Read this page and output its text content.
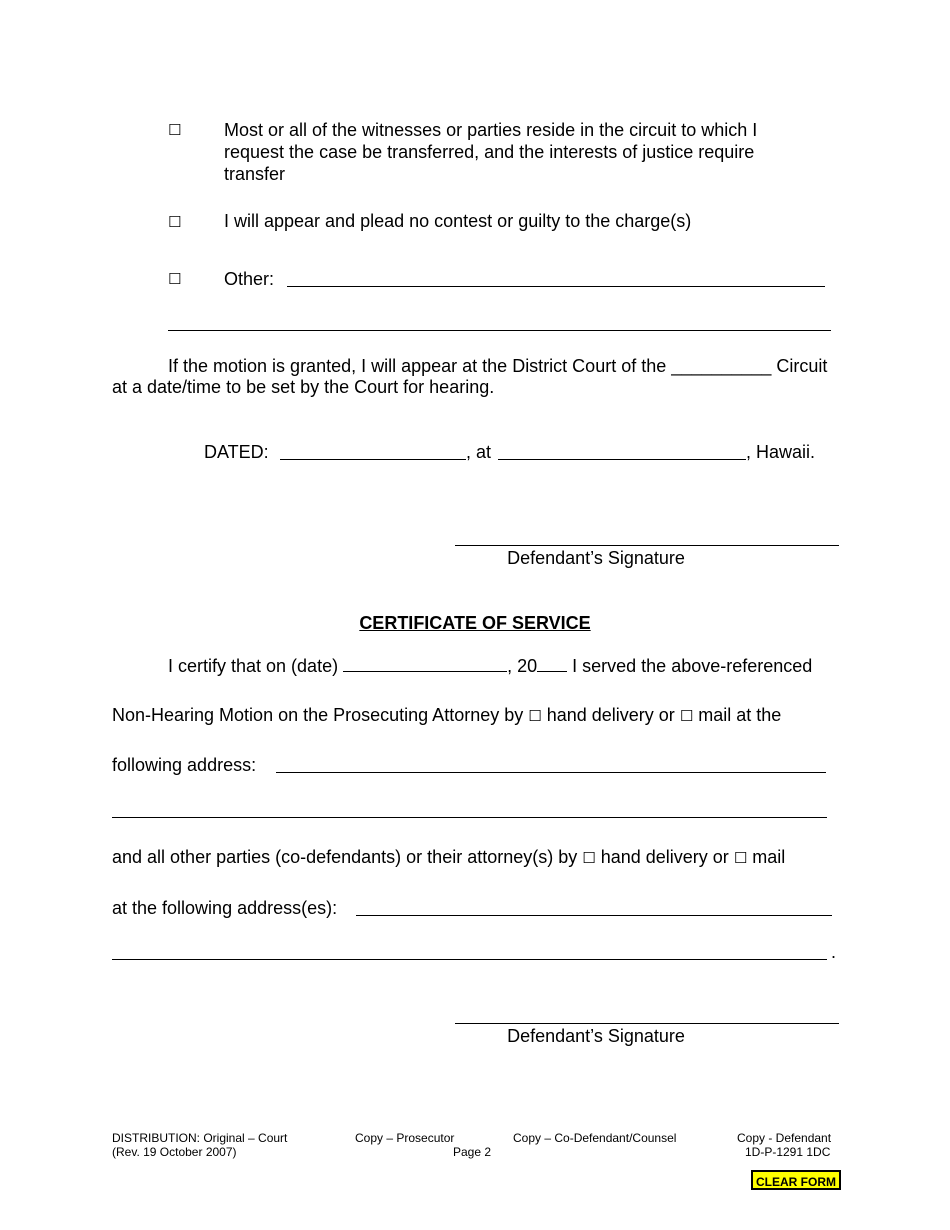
☐ Most or all of the witnesses or parties reside in the circuit to which I
request the case be transferred, and the interests of justice require
transfer
☐ I will appear and plead no contest or guilty to the charge(s)
☐ Other:
If the motion is granted, I will appear at the District Court of the __________ Circuit
at a date/time to be set by the Court for hearing.
DATED:	, at	, Hawaii.
Defendant’s Signature
CERTIFICATE OF SERVICE
I certify that on (date)	, 20 I served the above-referenced
Non-Hearing Motion on the Prosecuting Attorney by ☐ hand delivery or ☐ mail at the
following address:
and all other parties (co-defendants) or their attorney(s) by ☐ hand delivery or ☐ mail
at the following address(es):
.
Defendant’s Signature
DISTRIBUTION: Original – Court	Copy – Prosecutor	Copy – Co-Defendant/Counsel	Copy - Defendant
(Rev. 19 October 2007)	Page 2	1D-P-1291 1DC
CLEAR FORM
